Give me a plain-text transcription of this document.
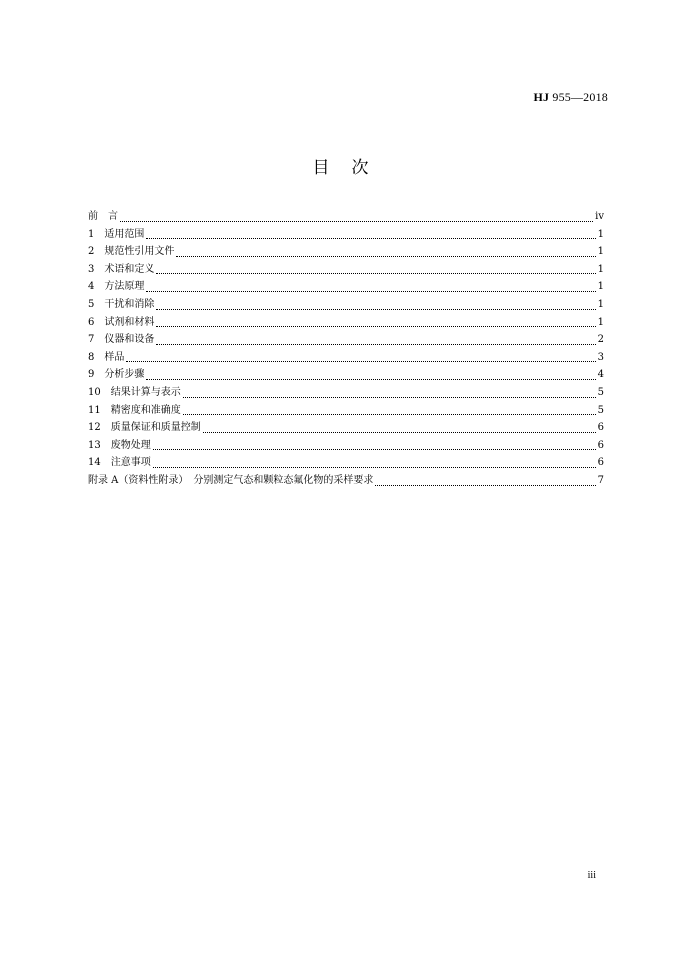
HJ 955—2018
目次
前　言	iv
1　适用范围	1
2　规范性引用文件	1
3　术语和定义	1
4　方法原理	1
5　干扰和消除	1
6　试剂和材料	1
7　仪器和设备	2
8　样品	3
9　分析步骤	4
10　结果计算与表示	5
11　精密度和准确度	5
12　质量保证和质量控制	6
13　废物处理	6
14　注意事项	6
附录 A（资料性附录）　分别测定气态和颗粒态氟化物的采样要求	7
iii
